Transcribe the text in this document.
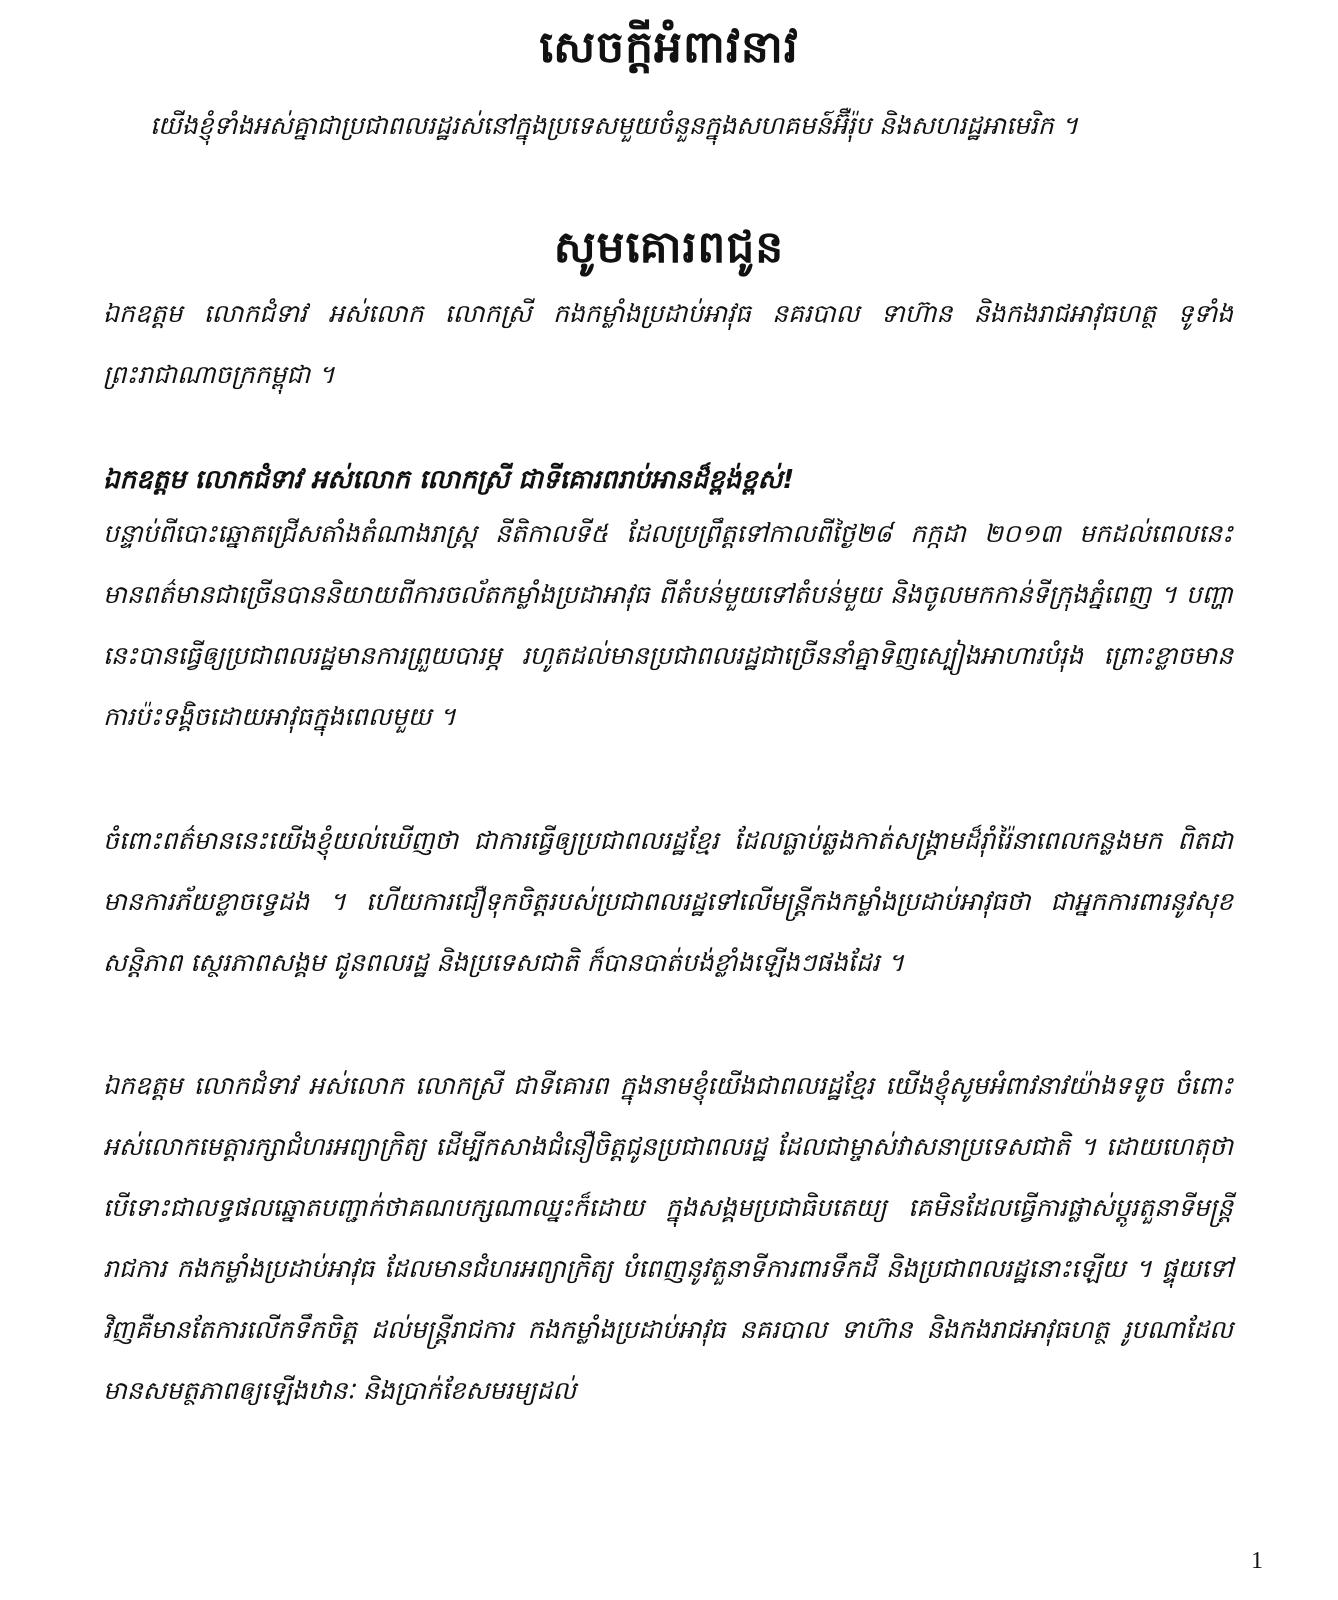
សេចក្តីអំពាវនាវ

យើងខ្ញុំទាំងអស់គ្នាជាប្រជាពលរដ្ឋរស់នៅក្នុងប្រទេសមួយចំនួនក្នុងសហគមន៍អ៊ឺរ៉ុប និងសហរដ្ឋអាមេរិក ។

សូមគោរពជូន

ឯកឧត្តម លោកជំទាវ អស់លោក លោកស្រី កងកម្លាំងប្រដាប់អាវុធ នគរបាល ទាហ៊ាន និងកងរាជអាវុធហត្ថ ទូទាំងព្រះរាជាណាចក្រកម្ពុជា ។

ឯកឧត្តម លោកជំទាវ អស់លោក លោកស្រី ជាទីគោរពរាប់អានដ៏ខ្ពង់ខ្ពស់!

បន្ទាប់ពីបោះឆ្នោតជ្រើសតាំងតំណាងរាស្ត្រ នីតិកាលទី៥ ដែលប្រព្រឹត្តទៅកាលពីថ្ងៃ២៨ កក្កដា ២០១៣ មកដល់ពេលនេះ មានពត៌មានជាច្រើនបាននិយាយពីការចល័តកម្លាំងប្រដាអាវុធ ពីតំបន់មួយទៅតំបន់មួយ និងចូលមកកាន់ទីក្រុងភ្នំពេញ ។ បញ្ហានេះបានធ្វើឲ្យប្រជាពលរដ្ឋមានការព្រួយបារម្ភ រហូតដល់មានប្រជាពលរដ្ឋជាច្រើននាំគ្នាទិញស្បៀងអាហារបំរុង ព្រោះខ្លាចមានការប៉ះទង្គិចដោយអាវុធក្នុងពេលមួយ ។

ចំពោះពត៌មាននេះយើងខ្ញុំយល់ឃើញថា ជាការធ្វើឲ្យប្រជាពលរដ្ឋខ្មែរ ដែលធ្លាប់ឆ្លងកាត់សង្គ្រាមដ៏រ៉ាំរ៉ៃនាពេលកន្លងមក ពិតជាមានការភ័យខ្លាចទ្វេដង ។ ហើយការជឿទុកចិត្តរបស់ប្រជាពលរដ្ឋទៅលើមន្ត្រីកងកម្លាំងប្រដាប់អាវុធថា ជាអ្នកការពារនូវសុខសន្តិភាព ស្ថេរភាពសង្គម ជូនពលរដ្ឋ និងប្រទេសជាតិ ក៏បានបាត់បង់ខ្លាំងឡើងៗផងដែរ ។

ឯកឧត្តម លោកជំទាវ អស់លោក លោកស្រី ជាទីគោរព ក្នុងនាមខ្ញុំយើងជាពលរដ្ឋខ្មែរ យើងខ្ញុំសូមអំពាវនាវយ៉ាងទទូច ចំពោះអស់លោកមេត្តារក្សាជំហរអព្យាក្រិត្យ ដើម្បីកសាងជំនឿចិត្តជូនប្រជាពលរដ្ឋ ដែលជាម្ចាស់វាសនាប្រទេសជាតិ ។ ដោយហេតុថា បើទោះជាលទ្ធផលឆ្នោតបញ្ជាក់ថាគណបក្សណាឈ្នះក៏ដោយ ក្នុងសង្គមប្រជាធិបតេយ្យ គេមិនដែលធ្វើការផ្លាស់ប្តូរតួនាទីមន្ត្រីរាជការ កងកម្លាំងប្រដាប់អាវុធ ដែលមានជំហរអព្យាក្រិត្យ បំពេញនូវតួនាទីការពារទឹកដី និងប្រជាពលរដ្ឋនោះឡើយ ។ ផ្ទុយទៅវិញគឺមានតែការលើកទឹកចិត្ត ដល់មន្ត្រីរាជការ កងកម្លាំងប្រដាប់អាវុធ នគរបាល ទាហ៊ាន និងកងរាជអាវុធហត្ថ រូបណាដែល មានសមត្ថភាពឲ្យឡើងឋានៈ និងប្រាក់ខែសមរម្យដល់

1
